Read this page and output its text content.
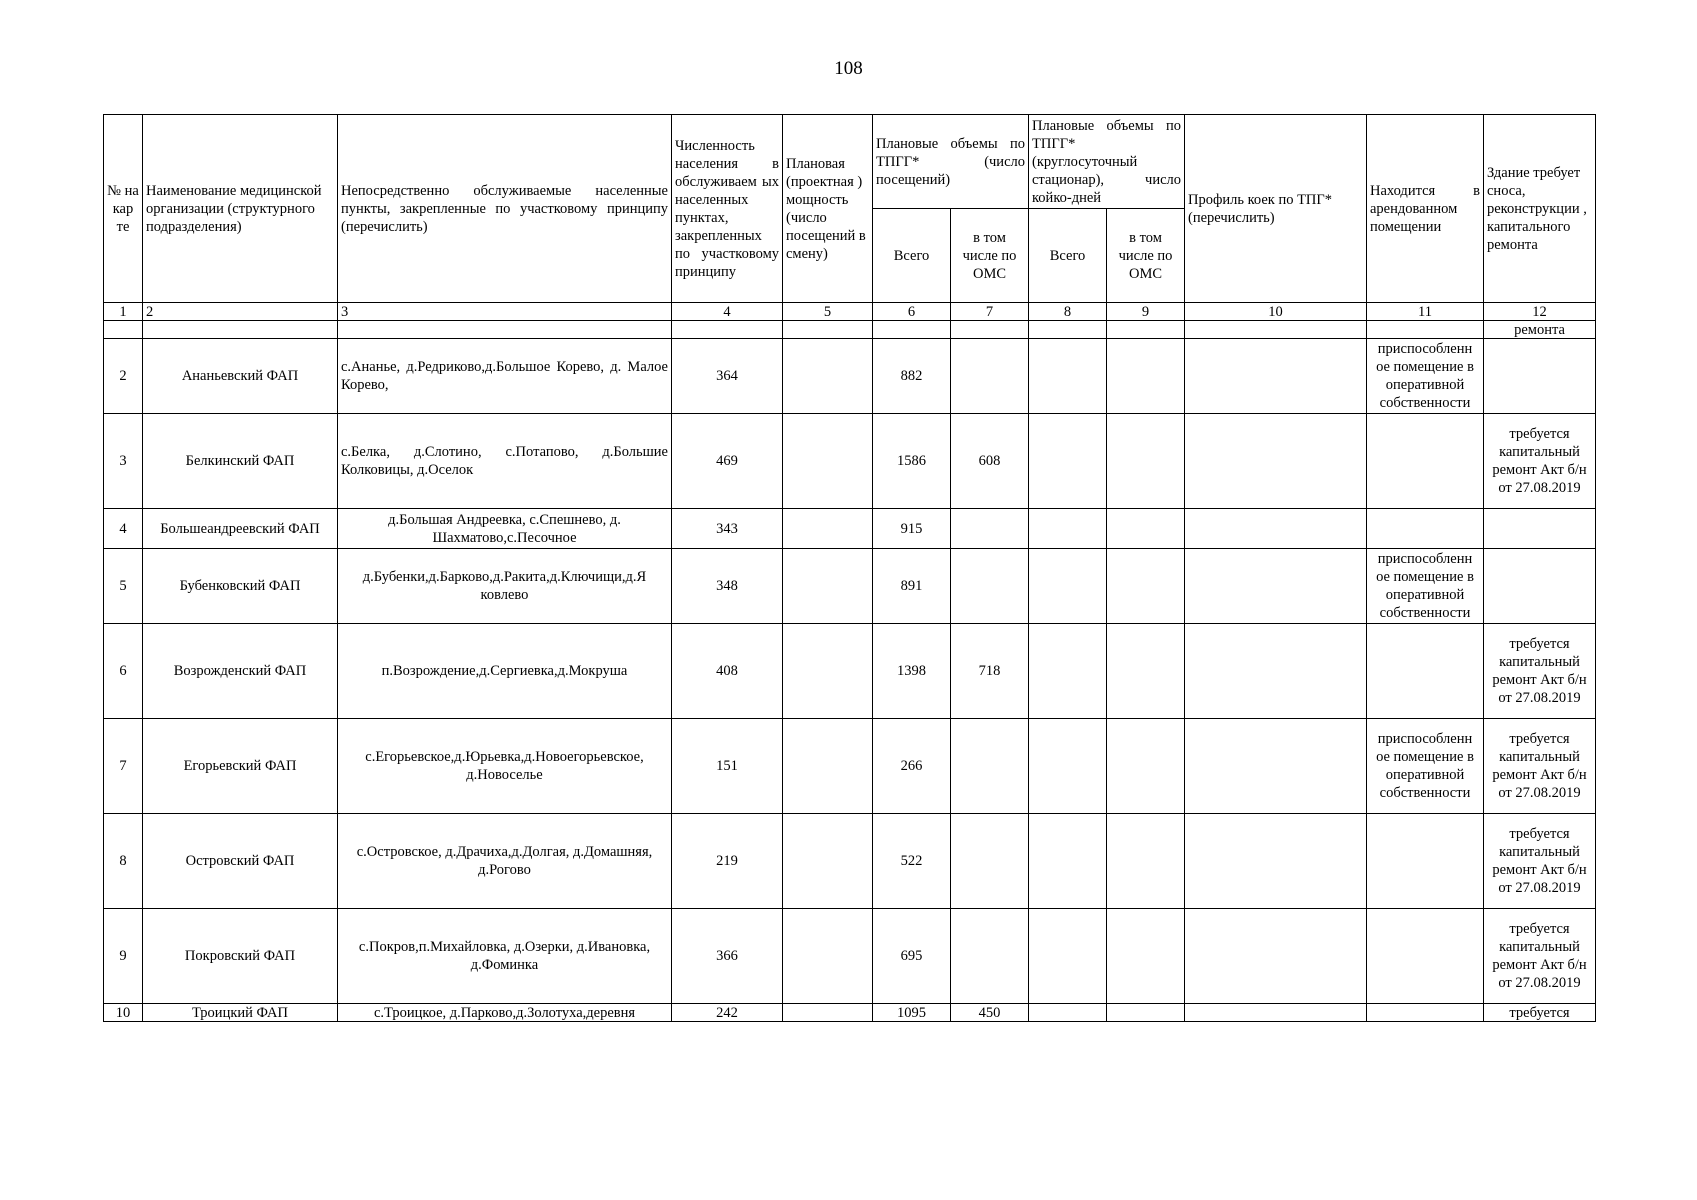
108
№ на кар те	Наименование медицинской организации (структурного подразделения)	Непосредственно обслуживаемые населенные пункты, закрепленные по участковому принципу (перечислить)	Численность населения в обслуживаем ых населенных пунктах, закрепленных по участковому принципу	Плановая (проектная ) мощность (число посещений в смену)	Плановые объемы по ТПГГ* (число посещений)		Плановые объемы по ТПГГ* (круглосуточный стационар), число койко-дней		Профиль коек по ТПГ* (перечислить)	Находится в арендованном помещении	Здание требует сноса, реконструкции , капитального ремонта
					Всего	в том числе по ОМС	Всего	в том числе по ОМС			
1	2	3	4	5	6	7	8	9	10	11	12
											ремонта
2	Ананьевский ФАП	с.Ананье, д.Редриково,д.Большое Корево, д. Малое Корево,	364		882					приспособленн ое помещение в оперативной собственности	
3	Белкинский ФАП	с.Белка, д.Слотино, с.Потапово, д.Большие Колковицы, д.Оселок	469		1586	608					требуется капитальный ремонт Акт б/н от 27.08.2019
4	Большеандреевский ФАП	д.Большая Андреевка, с.Спешнево, д. Шахматово,с.Песочное	343		915						
5	Бубенковский ФАП	д.Бубенки,д.Барково,д.Ракита,д.Ключищи,д.Я ковлево	348		891					приспособленн ое помещение в оперативной собственности	
6	Возрожденский ФАП	п.Возрождение,д.Сергиевка,д.Мокруша	408		1398	718					требуется капитальный ремонт Акт б/н от 27.08.2019
7	Егорьевский ФАП	с.Егорьевское,д.Юрьевка,д.Новоегорьевское, д.Новоселье	151		266					приспособленн ое помещение в оперативной собственности	требуется капитальный ремонт Акт б/н от 27.08.2019
8	Островский ФАП	с.Островское, д.Драчиха,д.Долгая, д.Домашняя, д.Рогово	219		522						требуется капитальный ремонт Акт б/н от 27.08.2019
9	Покровский ФАП	с.Покров,п.Михайловка, д.Озерки, д.Ивановка, д.Фоминка	366		695						требуется капитальный ремонт Акт б/н от 27.08.2019
10	Троицкий ФАП	с.Троицкое, д.Парково,д.Золотуха,деревня	242		1095	450					требуется
